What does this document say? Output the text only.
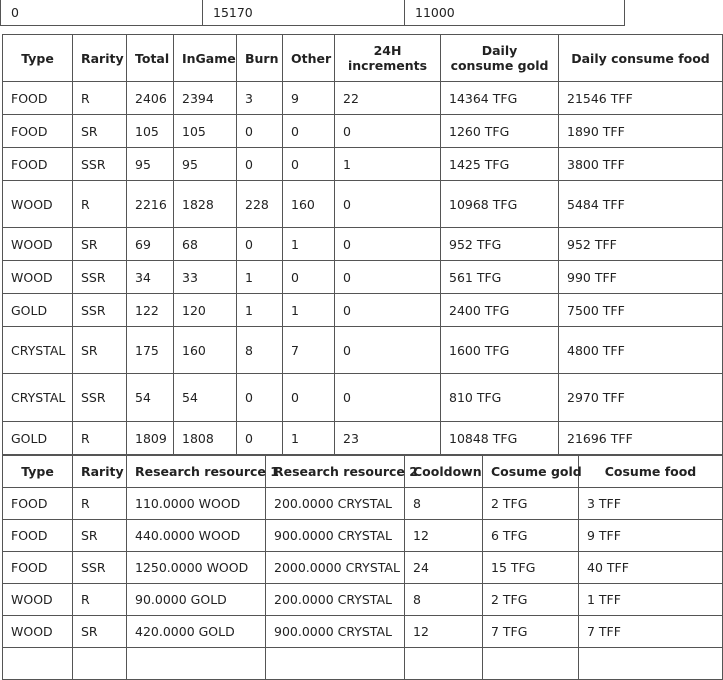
0	15170	11000
Type	Rarity	Total	InGame	Burn	Other	24H increments	Daily consume gold	Daily consume food
FOOD	R	2406	2394	3	9	22	14364 TFG	21546 TFF
FOOD	SR	105	105	0	0	0	1260 TFG	1890 TFF
FOOD	SSR	95	95	0	0	1	1425 TFG	3800 TFF
WOOD	R	2216	1828	228	160	0	10968 TFG	5484 TFF
WOOD	SR	69	68	0	1	0	952 TFG	952 TFF
WOOD	SSR	34	33	1	0	0	561 TFG	990 TFF
GOLD	SSR	122	120	1	1	0	2400 TFG	7500 TFF
CRYSTAL	SR	175	160	8	7	0	1600 TFG	4800 TFF
CRYSTAL	SSR	54	54	0	0	0	810 TFG	2970 TFF
GOLD	R	1809	1808	0	1	23	10848 TFG	21696 TFF
Type	Rarity	Research resource 1	Research resource 2	Cooldown	Cosume gold	Cosume food
FOOD	R	110.0000 WOOD	200.0000 CRYSTAL	8	2 TFG	3 TFF
FOOD	SR	440.0000 WOOD	900.0000 CRYSTAL	12	6 TFG	9 TFF
FOOD	SSR	1250.0000 WOOD	2000.0000 CRYSTAL	24	15 TFG	40 TFF
WOOD	R	90.0000 GOLD	200.0000 CRYSTAL	8	2 TFG	1 TFF
WOOD	SR	420.0000 GOLD	900.0000 CRYSTAL	12	7 TFG	7 TFF
